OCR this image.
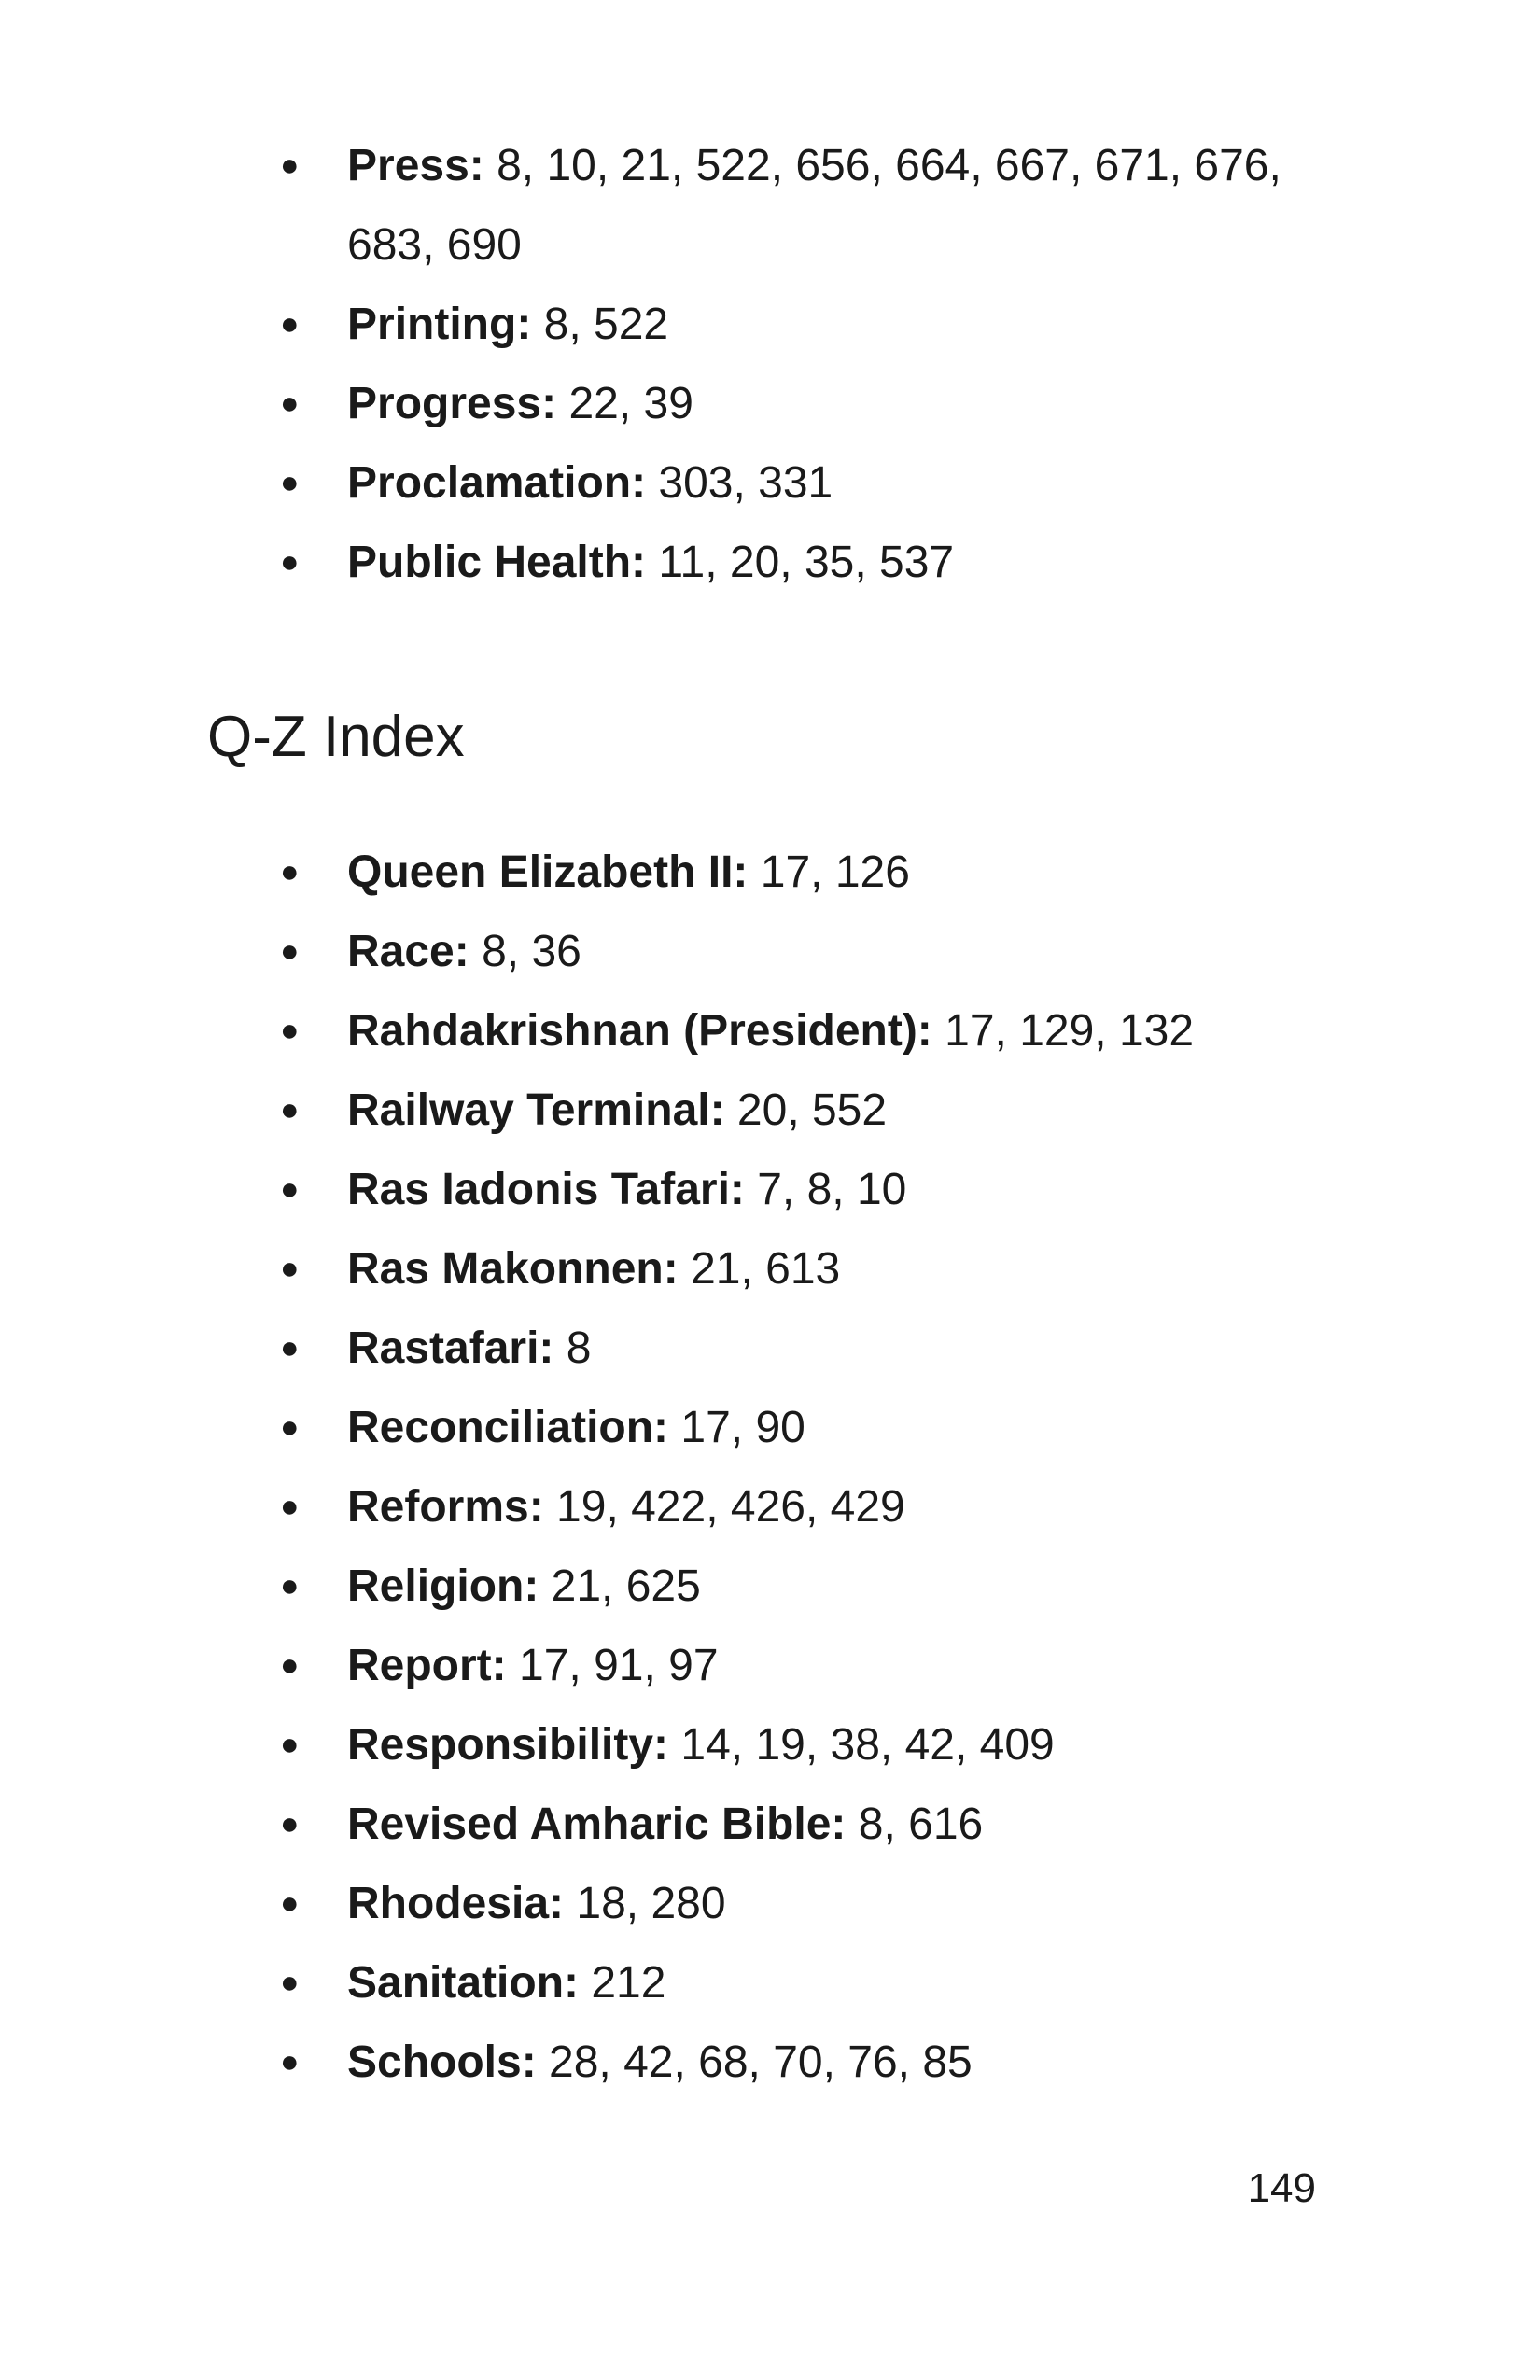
● Press: 8, 10, 21, 522, 656, 664, 667, 671, 676, 683, 690
● Printing: 8, 522
● Progress: 22, 39
● Proclamation: 303, 331
● Public Health: 11, 20, 35, 537
Q-Z Index
● Queen Elizabeth II: 17, 126
● Race: 8, 36
● Rahdakrishnan (President): 17, 129, 132
● Railway Terminal: 20, 552
● Ras Iadonis Tafari: 7, 8, 10
● Ras Makonnen: 21, 613
● Rastafari: 8
● Reconciliation: 17, 90
● Reforms: 19, 422, 426, 429
● Religion: 21, 625
● Report: 17, 91, 97
● Responsibility: 14, 19, 38, 42, 409
● Revised Amharic Bible: 8, 616
● Rhodesia: 18, 280
● Sanitation: 212
● Schools: 28, 42, 68, 70, 76, 85
149
